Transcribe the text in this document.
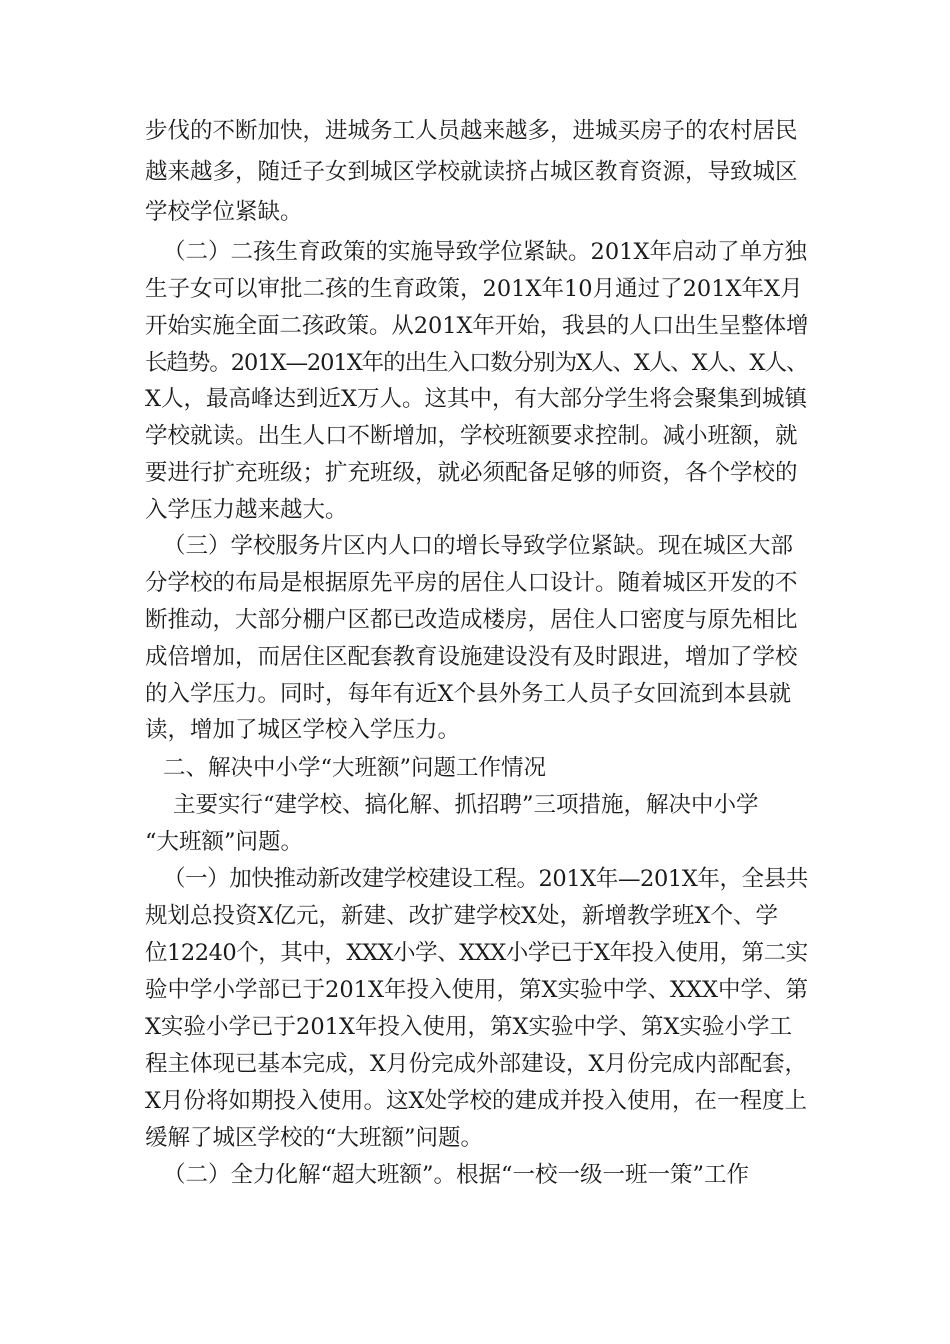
步伐的不断加快，进城务工人员越来越多，进城买房子的农村居民
越来越多，随迁子女到城区学校就读挤占城区教育资源，导致城区
学校学位紧缺。
（二）二孩生育政策的实施导致学位紧缺。201X年启动了单方独
生子女可以审批二孩的生育政策，201X年10月通过了201X年X月
开始实施全面二孩政策。从201X年开始，我县的人口出生呈整体增
长趋势。201X—201X年的出生入口数分别为X人、X人、X人、X人、
X人，最高峰达到近X万人。这其中，有大部分学生将会聚集到城镇
学校就读。出生人口不断增加，学校班额要求控制。减小班额，就
要进行扩充班级；扩充班级，就必须配备足够的师资，各个学校的
入学压力越来越大。
（三）学校服务片区内人口的增长导致学位紧缺。现在城区大部
分学校的布局是根据原先平房的居住人口设计。随着城区开发的不
断推动，大部分棚户区都已改造成楼房，居住人口密度与原先相比
成倍增加，而居住区配套教育设施建设没有及时跟进，增加了学校
的入学压力。同时，每年有近X个县外务工人员子女回流到本县就
读，增加了城区学校入学压力。
二、解决中小学“大班额”问题工作情况
主要实行“建学校、搞化解、抓招聘”三项措施，解决中小学
“大班额”问题。
（一）加快推动新改建学校建设工程。201X年—201X年，全县共
规划总投资X亿元，新建、改扩建学校X处，新增教学班X个、学
位12240个，其中，XXX小学、XXX小学已于X年投入使用，第二实
验中学小学部已于201X年投入使用，第X实验中学、XXX中学、第
X实验小学已于201X年投入使用，第X实验中学、第X实验小学工
程主体现已基本完成，X月份完成外部建设，X月份完成内部配套，
X月份将如期投入使用。这X处学校的建成并投入使用，在一程度上
缓解了城区学校的“大班额”问题。
（二）全力化解“超大班额”。根据“一校一级一班一策”工作
